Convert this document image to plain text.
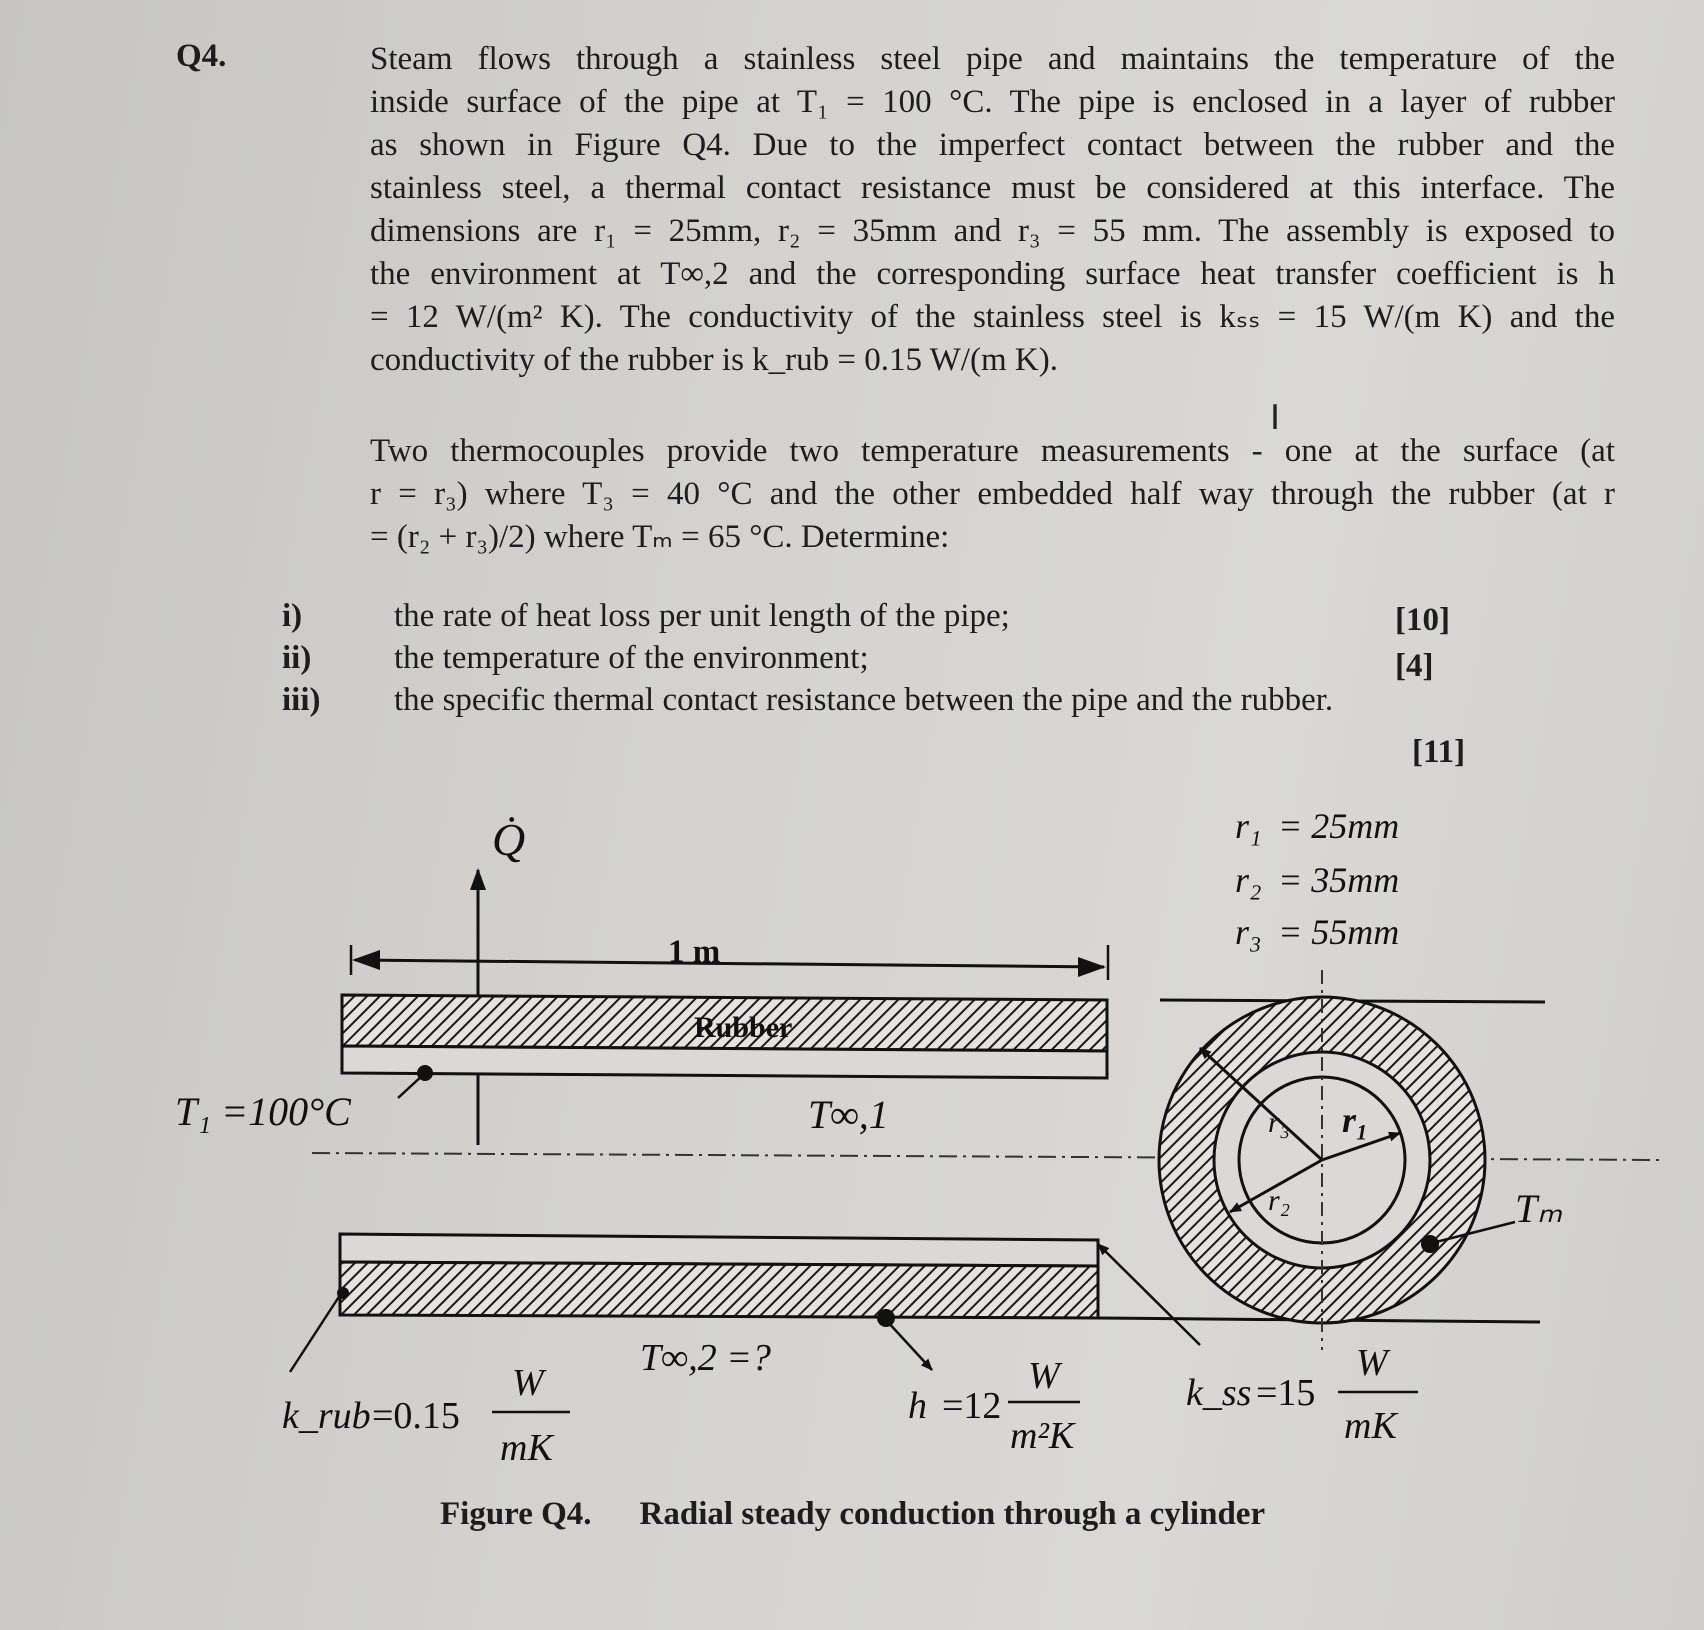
Q4.	Steam flows through a stainless steel pipe and maintains the temperature of the
inside surface of the pipe at T₁ = 100 °C. The pipe is enclosed in a layer of rubber
as shown in Figure Q4. Due to the imperfect contact between the rubber and the
stainless steel, a thermal contact resistance must be considered at this interface. The
dimensions are r₁ = 25mm, r₂ = 35mm and r₃ = 55 mm. The assembly is exposed to
the environment at T∞,2 and the corresponding surface heat transfer coefficient is h
= 12 W/(m² K). The conductivity of the stainless steel is kₛₛ = 15 W/(m K) and the
conductivity of the rubber is k_rub = 0.15 W/(m K).
I
Two thermocouples provide two temperature measurements - one at the surface (at
r = r₃) where T₃ = 40 °C and the other embedded half way through the rubber (at r
= (r₂ + r₃)/2) where Tₘ = 65 °C. Determine:
i)	the rate of heat loss per unit length of the pipe;	[10]
ii)	the temperature of the environment;	[4]
iii) the specific thermal contact resistance between the pipe and the rubber.
[11]
Q̇
1 m
Rubber
T₁ =100°C	T∞,1	r₃ r₁
r₂	Tₘ
r₁ = 25mm
r₂ = 35mm
r₃ = 55mm
T∞,2 =?
k_rub =0.15
W
mK
h =12
W
m²K
k_ss =15
W
mK
Figure Q4. Radial steady conduction through a cylinder
